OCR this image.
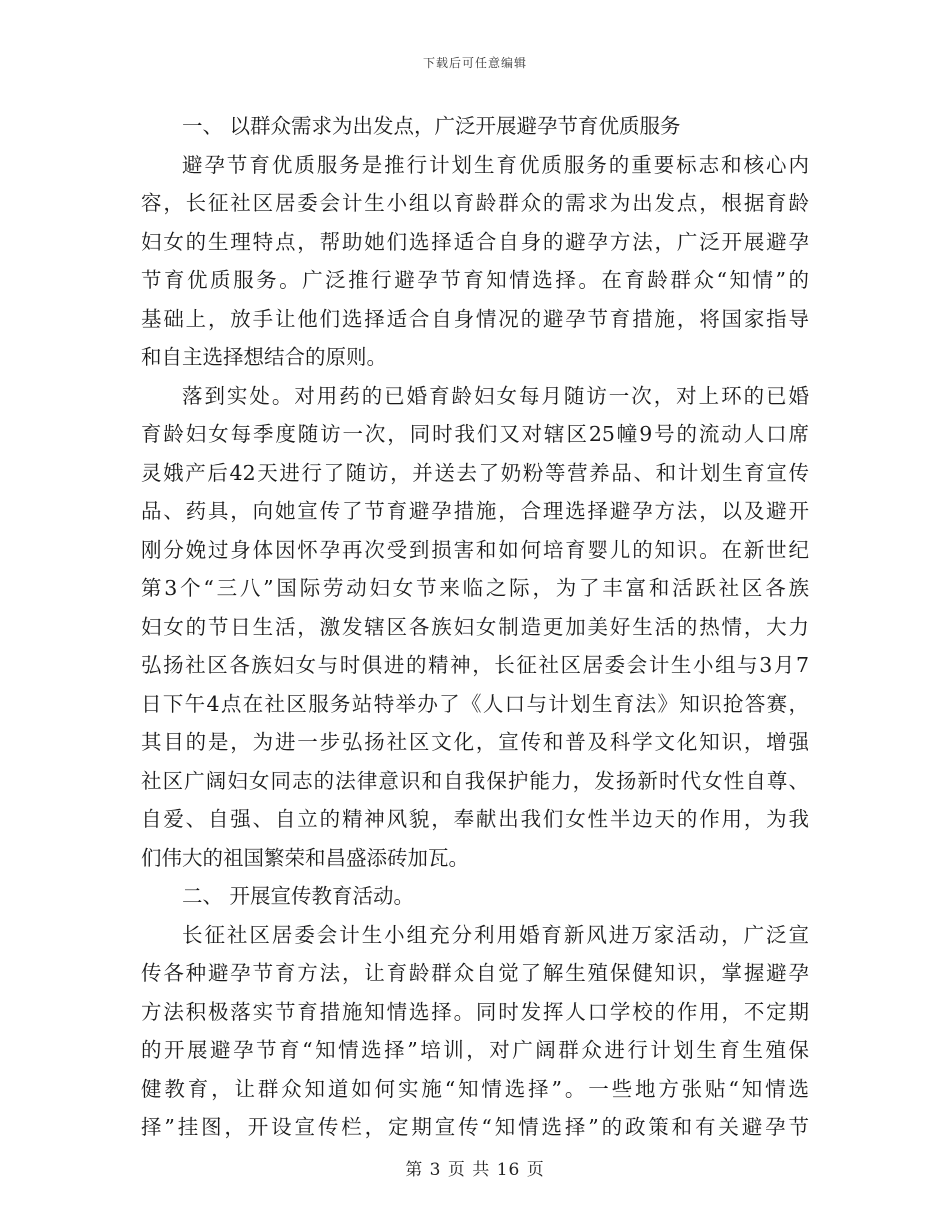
下载后可任意编辑
一、 以群众需求为出发点，广泛开展避孕节育优质服务
避孕节育优质服务是推行计划生育优质服务的重要标志和核心内
容，长征社区居委会计生小组以育龄群众的需求为出发点，根据育龄
妇女的生理特点，帮助她们选择适合自身的避孕方法，广泛开展避孕
节育优质服务。广泛推行避孕节育知情选择。在育龄群众“知情”的
基础上，放手让他们选择适合自身情况的避孕节育措施，将国家指导
和自主选择想结合的原则。
落到实处。对用药的已婚育龄妇女每月随访一次，对上环的已婚
育龄妇女每季度随访一次，同时我们又对辖区25幢9号的流动人口席
灵娥产后42天进行了随访，并送去了奶粉等营养品、和计划生育宣传
品、药具，向她宣传了节育避孕措施，合理选择避孕方法，以及避开
刚分娩过身体因怀孕再次受到损害和如何培育婴儿的知识。在新世纪
第3个“三八”国际劳动妇女节来临之际，为了丰富和活跃社区各族
妇女的节日生活，激发辖区各族妇女制造更加美好生活的热情，大力
弘扬社区各族妇女与时俱进的精神，长征社区居委会计生小组与3月7
日下午4点在社区服务站特举办了《人口与计划生育法》知识抢答赛，
其目的是，为进一步弘扬社区文化，宣传和普及科学文化知识，增强
社区广阔妇女同志的法律意识和自我保护能力，发扬新时代女性自尊、
自爱、自强、自立的精神风貌，奉献出我们女性半边天的作用，为我
们伟大的祖国繁荣和昌盛添砖加瓦。
二、 开展宣传教育活动。
长征社区居委会计生小组充分利用婚育新风进万家活动，广泛宣
传各种避孕节育方法，让育龄群众自觉了解生殖保健知识，掌握避孕
方法积极落实节育措施知情选择。同时发挥人口学校的作用，不定期
的开展避孕节育“知情选择”培训，对广阔群众进行计划生育生殖保
健教育，让群众知道如何实施“知情选择”。一些地方张贴“知情选
择”挂图，开设宣传栏，定期宣传“知情选择”的政策和有关避孕节
第 3 页 共 16 页
